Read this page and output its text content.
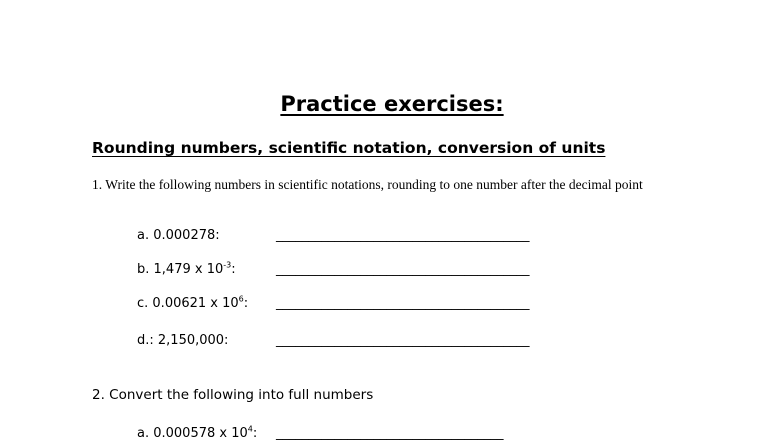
Practice exercises:
Rounding numbers, scientific notation, conversion of units

1. Write the following numbers in scientific notations, rounding to one number after the decimal point

a. 0.000278:	_______________________________________
b. 1,479 x $10^{-3}$:	_______________________________________
c. 0.00621 x $10^6$: _______________________________________
d.: 2,150,000:	_______________________________________

2. Convert the following into full numbers

a. 0.000578 x $10^4$: ___________________________________
